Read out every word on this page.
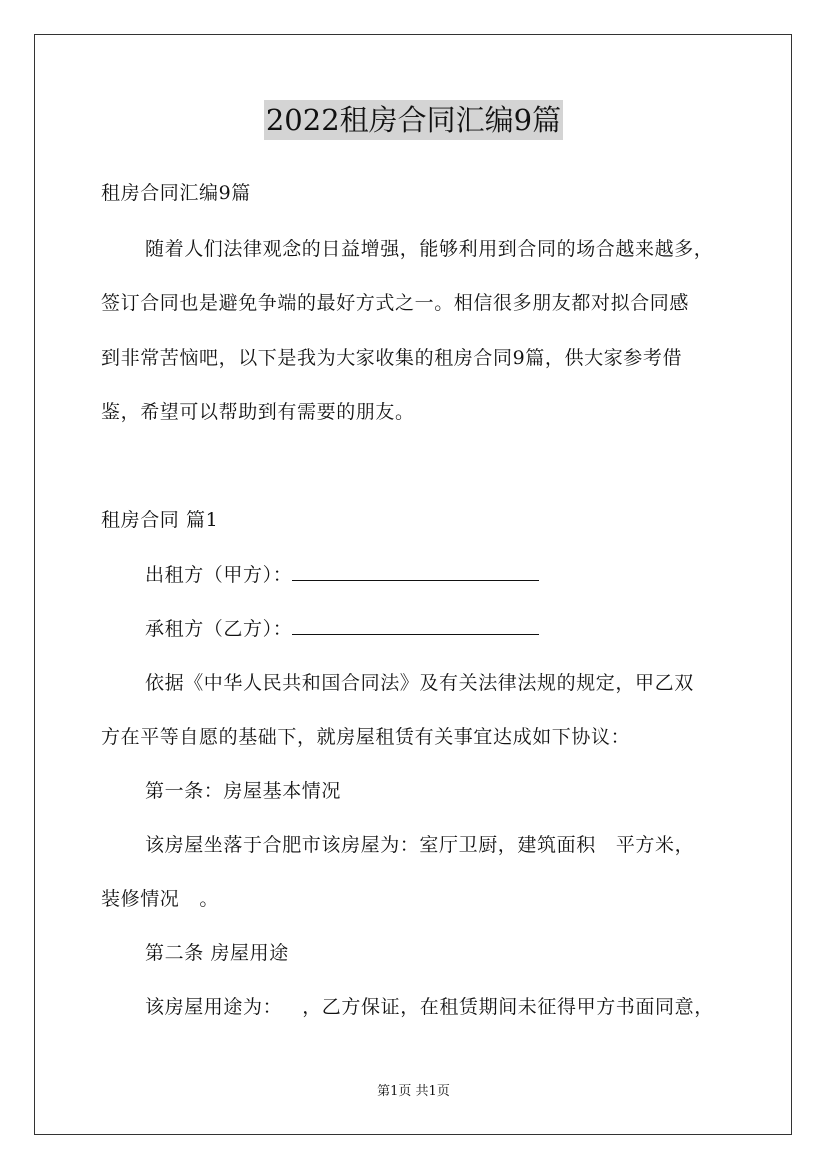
2022租房合同汇编9篇
租房合同汇编9篇
随着人们法律观念的日益增强，能够利用到合同的场合越来越多，
签订合同也是避免争端的最好方式之一。相信很多朋友都对拟合同感
到非常苦恼吧，以下是我为大家收集的租房合同9篇，供大家参考借
鉴，希望可以帮助到有需要的朋友。
租房合同 篇1
出租方（甲方）：
承租方（乙方）：
依据《中华人民共和国合同法》及有关法律法规的规定，甲乙双
方在平等自愿的基础下，就房屋租赁有关事宜达成如下协议：
第一条：房屋基本情况
该房屋坐落于合肥市该房屋为：室厅卫厨，建筑面积 平方米，
装修情况 。
第二条 房屋用途
该房屋用途为： ，乙方保证，在租赁期间未征得甲方书面同意，
第1页 共1页
